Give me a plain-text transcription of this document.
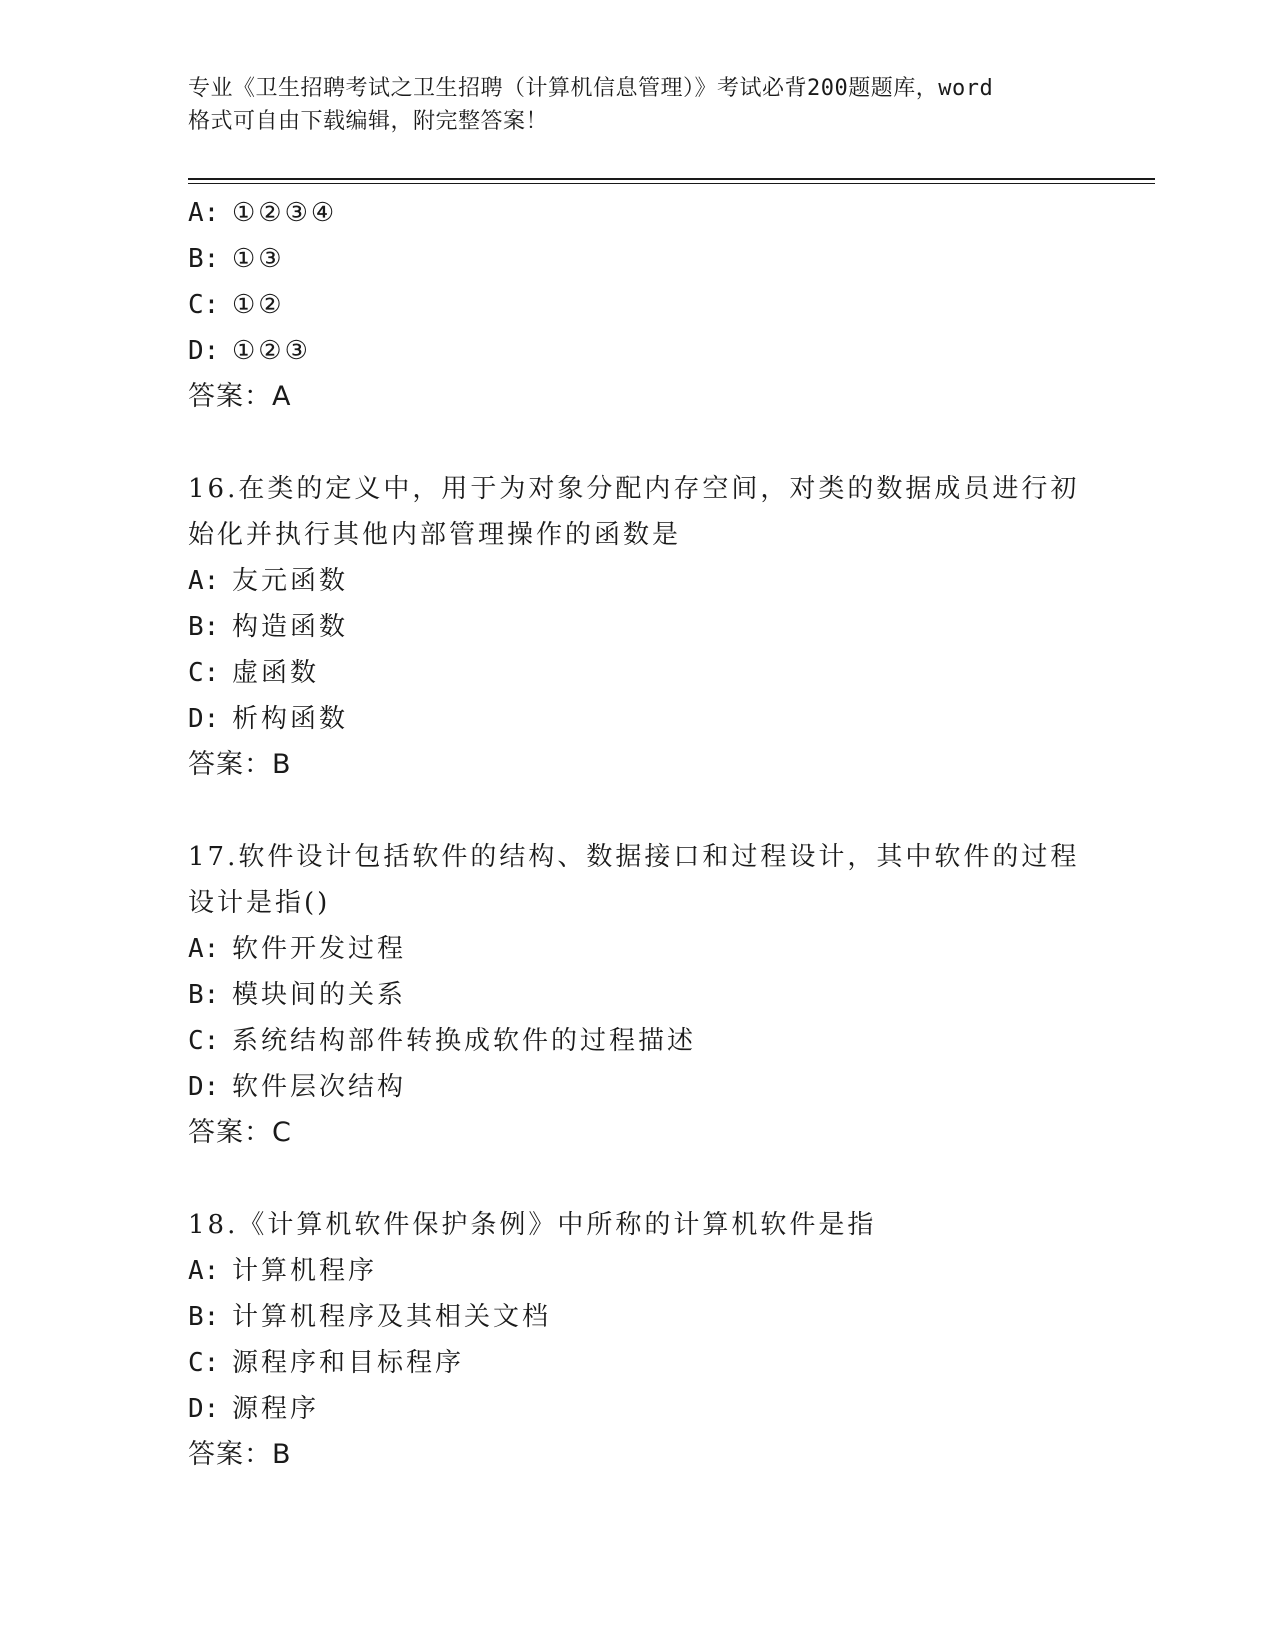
专业《卫生招聘考试之卫生招聘（计算机信息管理）》考试必背200题题库，word
格式可自由下载编辑，附完整答案！
A: ①②③④
B: ①③
C: ①②
D: ①②③
答案：A
16.在类的定义中，用于为对象分配内存空间，对类的数据成员进行初
始化并执行其他内部管理操作的函数是
A: 友元函数
B: 构造函数
C: 虚函数
D: 析构函数
答案：B
17.软件设计包括软件的结构、数据接口和过程设计，其中软件的过程
设计是指()
A: 软件开发过程
B: 模块间的关系
C: 系统结构部件转换成软件的过程描述
D: 软件层次结构
答案：C
18.《计算机软件保护条例》中所称的计算机软件是指
A: 计算机程序
B: 计算机程序及其相关文档
C: 源程序和目标程序
D: 源程序
答案：B
